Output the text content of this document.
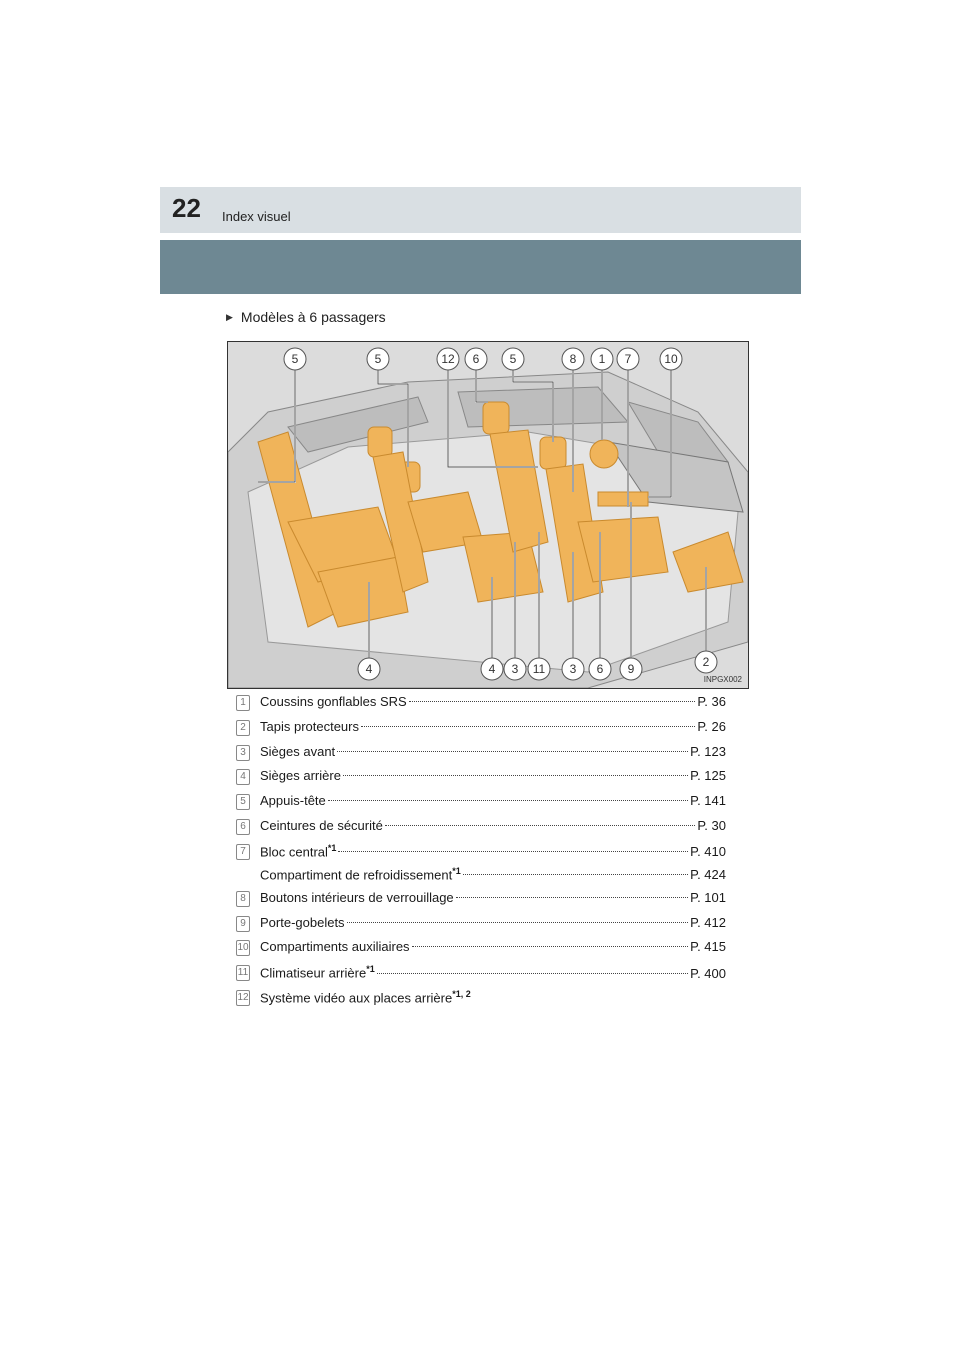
22 Index visuel
▶ Modèles à 6 passagers
5	5	12 6	5	8 1 7	10
4	4 3 11 3 6 9	2
INPGX002
1	Coussins gonflables SRS	P. 36
2	Tapis protecteurs	P. 26
3	Sièges avant	P. 123
4	Sièges arrière	P. 125
5	Appuis-tête	P. 141
6	Ceintures de sécurité	P. 30
7	Bloc central$^{*1}$	P. 410
Compartiment de refroidissement$^{*1}$	P. 424
8	Boutons intérieurs de verrouillage	P. 101
9	Porte-gobelets	P. 412
10 Compartiments auxiliaires	P. 415
11 Climatiseur arrière$^{*1}$	P. 400
12 Système vidéo aux places arrière$^{*1, 2}$
